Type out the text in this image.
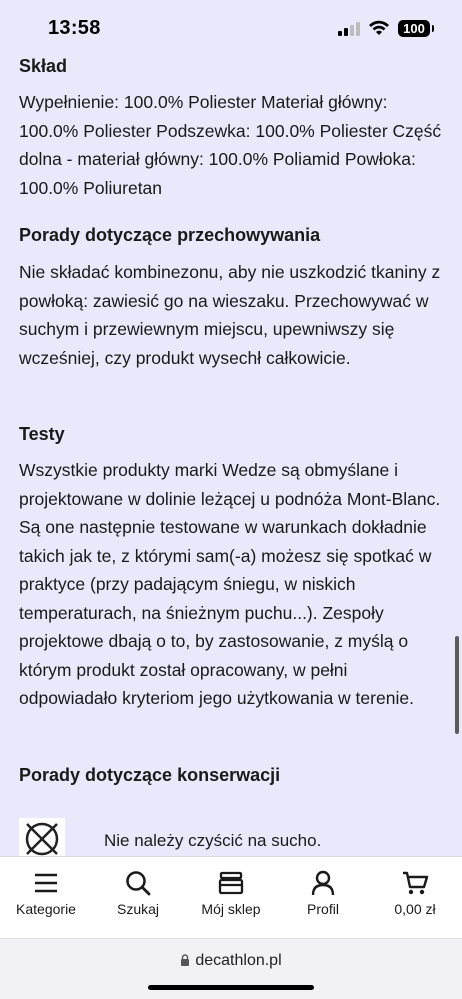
13:58	100
Skład
Wypełnienie: 100.0% Poliester Materiał główny: 100.0% Poliester Podszewka: 100.0% Poliester Część dolna - materiał główny: 100.0% Poliamid Powłoka: 100.0% Poliuretan
Porady dotyczące przechowywania
Nie składać kombinezonu, aby nie uszkodzić tkaniny z powłoką: zawiesić go na wieszaku. Przechowywać w suchym i przewiewnym miejscu, upewniwszy się wcześniej, czy produkt wysechł całkowicie.
Testy
Wszystkie produkty marki Wedze są obmyślane i projektowane w dolinie leżącej u podnóża Mont-Blanc. Są one następnie testowane w warunkach dokładnie takich jak te, z którymi sam(-a) możesz się spotkać w praktyce (przy padającym śniegu, w niskich temperaturach, na śnieżnym puchu...). Zespoły projektowe dbają o to, by zastosowanie, z myślą o którym produkt został opracowany, w pełni odpowiadało kryteriom jego użytkowania w terenie.
Porady dotyczące konserwacji
Nie należy czyścić na sucho.
Kategorie	Szukaj	Mój sklep	Profil	0,00 zł
decathlon.pl
